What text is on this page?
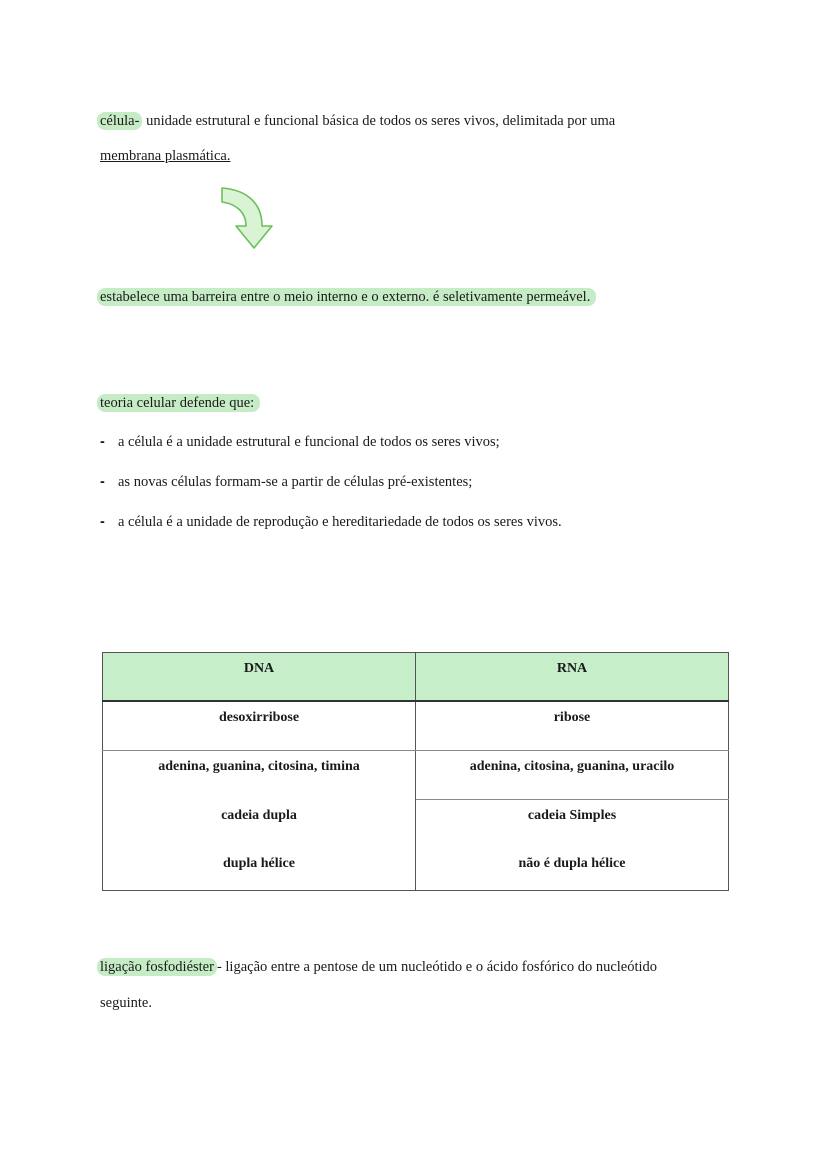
célula- unidade estrutural e funcional básica de todos os seres vivos, delimitada por uma
membrana plasmática.
estabelece uma barreira entre o meio interno e o externo. é seletivamente permeável.
teoria celular defende que:
- a célula é a unidade estrutural e funcional de todos os seres vivos;
- as novas células formam-se a partir de células pré-existentes;
- a célula é a unidade de reprodução e hereditariedade de todos os seres vivos.
DNA	RNA
desoxirribose	ribose
adenina, guanina, citosina, timina	adenina, citosina, guanina, uracilo
cadeia dupla	cadeia Simples
dupla hélice	não é dupla hélice
ligação fosfodiéster - ligação entre a pentose de um nucleótido e o ácido fosfórico do nucleótido
seguinte.
